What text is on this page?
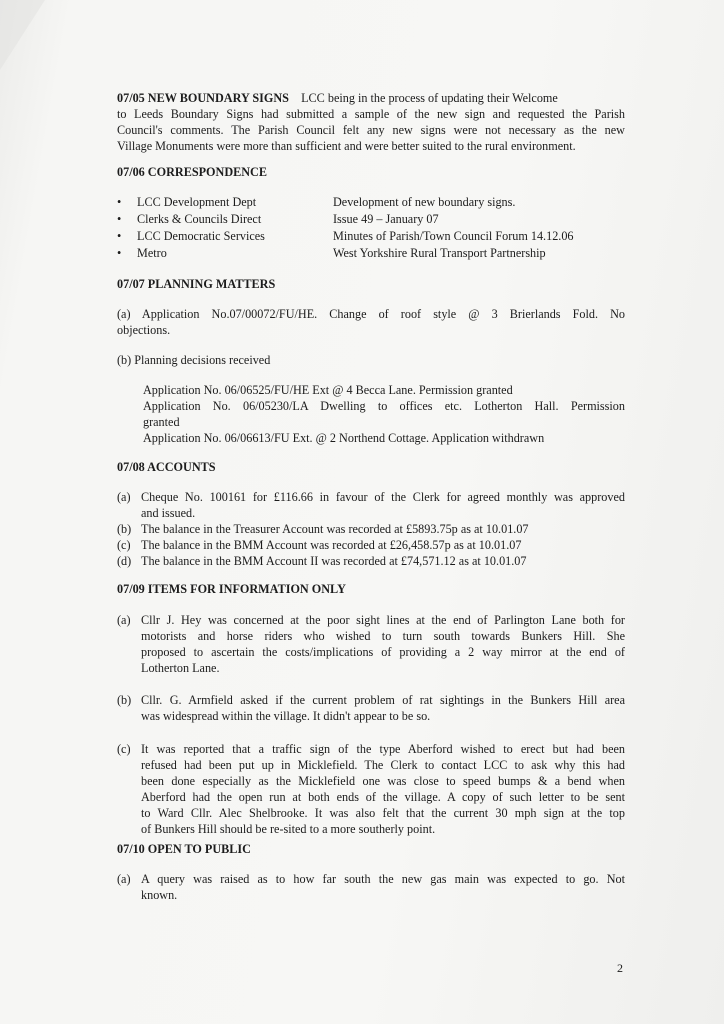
07/05 NEW BOUNDARY SIGNS LCC being in the process of updating their Welcome
to Leeds Boundary Signs had submitted a sample of the new sign and requested the Parish
Council's comments. The Parish Council felt any new signs were not necessary as the new
Village Monuments were more than sufficient and were better suited to the rural environment.
07/06 CORRESPONDENCE
• LCC Development Dept	Development of new boundary signs.
• Clerks & Councils Direct	Issue 49 – January 07
• LCC Democratic Services	Minutes of Parish/Town Council Forum 14.12.06
• Metro	West Yorkshire Rural Transport Partnership
07/07 PLANNING MATTERS
(a) Application No.07/00072/FU/HE. Change of roof style @ 3 Brierlands Fold. No
objections.
(b) Planning decisions received
Application No. 06/06525/FU/HE Ext @ 4 Becca Lane. Permission granted
Application No. 06/05230/LA Dwelling to offices etc. Lotherton Hall. Permission
granted
Application No. 06/06613/FU Ext. @ 2 Northend Cottage. Application withdrawn
07/08 ACCOUNTS
(a) Cheque No. 100161 for £116.66 in favour of the Clerk for agreed monthly was approved
and issued.
(b) The balance in the Treasurer Account was recorded at £5893.75p as at 10.01.07
(c) The balance in the BMM Account was recorded at £26,458.57p as at 10.01.07
(d) The balance in the BMM Account II was recorded at £74,571.12 as at 10.01.07
07/09 ITEMS FOR INFORMATION ONLY
(a) Cllr J. Hey was concerned at the poor sight lines at the end of Parlington Lane both for
motorists and horse riders who wished to turn south towards Bunkers Hill. She
proposed to ascertain the costs/implications of providing a 2 way mirror at the end of
Lotherton Lane.
(b) Cllr. G. Armfield asked if the current problem of rat sightings in the Bunkers Hill area
was widespread within the village. It didn't appear to be so.
(c) It was reported that a traffic sign of the type Aberford wished to erect but had been
refused had been put up in Micklefield. The Clerk to contact LCC to ask why this had
been done especially as the Micklefield one was close to speed bumps & a bend when
Aberford had the open run at both ends of the village. A copy of such letter to be sent
to Ward Cllr. Alec Shelbrooke. It was also felt that the current 30 mph sign at the top
of Bunkers Hill should be re-sited to a more southerly point.
07/10 OPEN TO PUBLIC
(a) A query was raised as to how far south the new gas main was expected to go. Not
known.
2
